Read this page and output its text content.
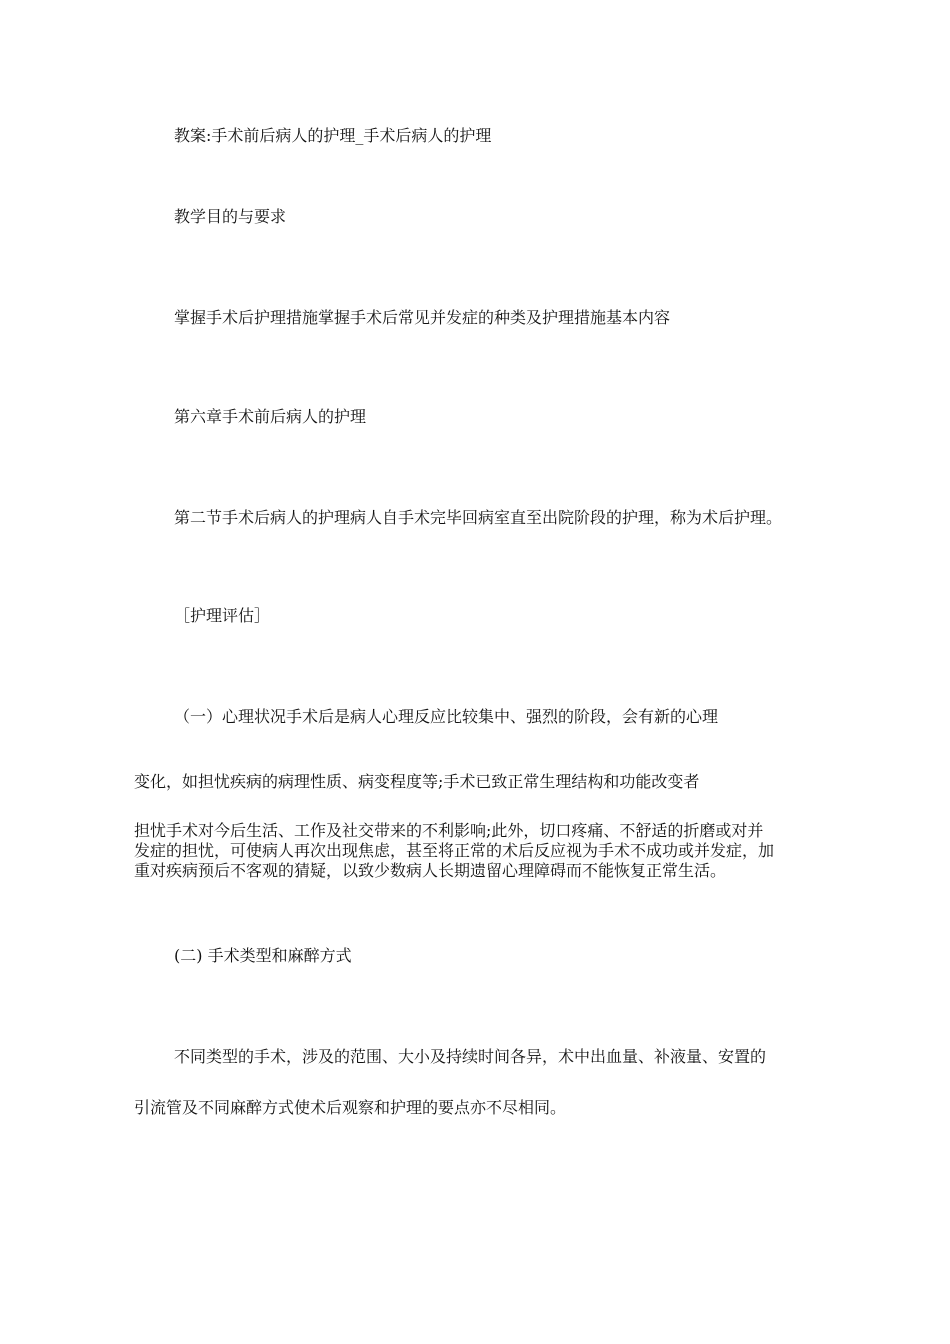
教案:手术前后病人的护理_手术后病人的护理
教学目的与要求
掌握手术后护理措施掌握手术后常见并发症的种类及护理措施基本内容
第六章手术前后病人的护理
第二节手术后病人的护理病人自手术完毕回病室直至出院阶段的护理，称为术后护理。
［护理评估］
（一）心理状况手术后是病人心理反应比较集中、强烈的阶段，会有新的心理
变化，如担忧疾病的病理性质、病变程度等;手术已致正常生理结构和功能改变者
担忧手术对今后生活、工作及社交带来的不利影响;此外，切口疼痛、不舒适的折磨或对并
发症的担忧，可使病人再次出现焦虑，甚至将正常的术后反应视为手术不成功或并发症，加
重对疾病预后不客观的猜疑，以致少数病人长期遗留心理障碍而不能恢复正常生活。
(二) 手术类型和麻醉方式
不同类型的手术，涉及的范围、大小及持续时间各异，术中出血量、补液量、安置的
引流管及不同麻醉方式使术后观察和护理的要点亦不尽相同。
